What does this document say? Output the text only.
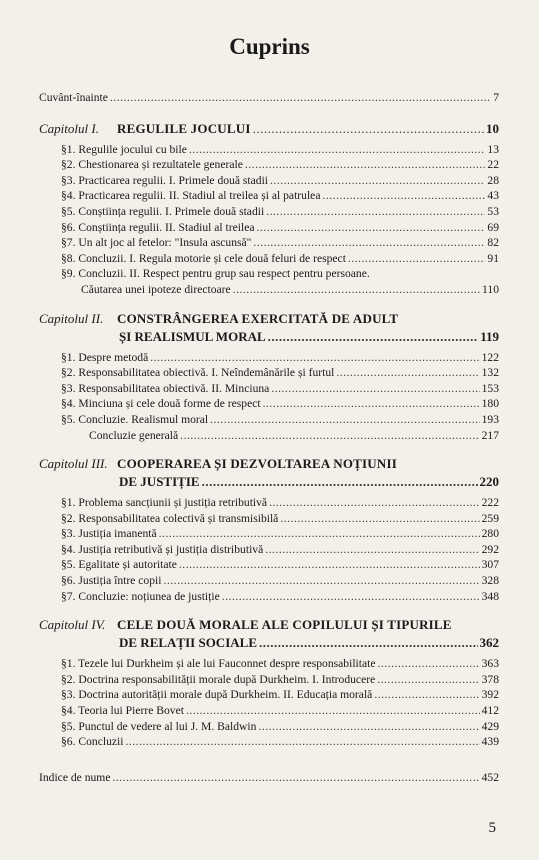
Cuprins
Cuvânt-înainte .....	7
Capitolul I. REGULILE JOCULUI .....	10
§1. Regulile jocului cu bile .....	13
§2. Chestionarea și rezultatele generale .....	22
§3. Practicarea regulii. I. Primele două stadii .....	28
§4. Practicarea regulii. II. Stadiul al treilea și al patrulea .....	43
§5. Conștiința regulii. I. Primele două stadii .....	53
§6. Conștiința regulii. II. Stadiul al treilea .....	69
§7. Un alt joc al fetelor: "Insula ascunsă" .....	82
§8. Concluzii. I. Regula motorie și cele două feluri de respect .....	91
§9. Concluzii. II. Respect pentru grup sau respect pentru persoane.
Căutarea unei ipoteze directoare .....	110
Capitolul II. CONSTRÂNGEREA EXERCITATĂ DE ADULT
ȘI REALISMUL MORAL .....	119
§1. Despre metodă .....	122
§2. Responsabilitatea obiectivă. I. Neîndemânările și furtul .....	132
§3. Responsabilitatea obiectivă. II. Minciuna .....	153
§4. Minciuna și cele două forme de respect .....	180
§5. Concluzie. Realismul moral .....	193
Concluzie generală .....	217
Capitolul III. COOPERAREA ȘI DEZVOLTAREA NOȚIUNII
DE JUSTIȚIE .....	220
§1. Problema sancțiunii și justiția retributivă .....	222
§2. Responsabilitatea colectivă și transmisibilă .....	259
§3. Justiția imanentă .....	280
§4. Justiția retributivă și justiția distributivă .....	292
§5. Egalitate și autoritate .....	307
§6. Justiția între copii .....	328
§7. Concluzie: noțiunea de justiție .....	348
Capitolul IV. CELE DOUĂ MORALE ALE COPILULUI ȘI TIPURILE
DE RELAȚII SOCIALE .....	362
§1. Tezele lui Durkheim și ale lui Fauconnet despre responsabilitate .....	363
§2. Doctrina responsabilității morale după Durkheim. I. Introducere .....	378
§3. Doctrina autorității morale după Durkheim. II. Educația morală .....	392
§4. Teoria lui Pierre Bovet .....	412
§5. Punctul de vedere al lui J. M. Baldwin .....	429
§6. Concluzii .....	439
Indice de nume .....	452
5
